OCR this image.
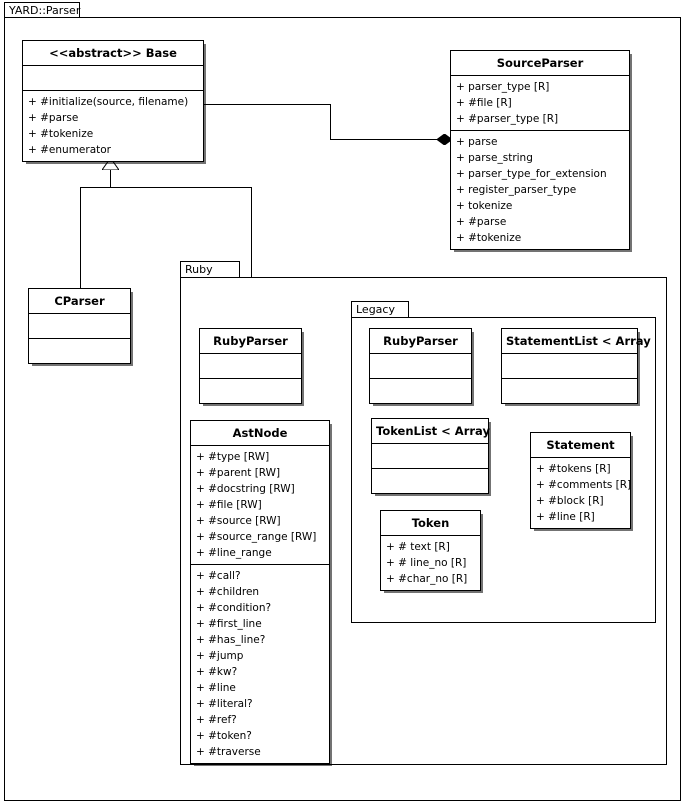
YARD::Parser
Ruby
Legacy
<<abstract>> Base
+ #initialize(source, filename)
+ #parse
+ #tokenize
+ #enumerator
SourceParser
+ parser_type [R]
+ #file [R]
+ #parser_type [R]
+ parse
+ parse_string
+ parser_type_for_extension
+ register_parser_type
+ tokenize
+ #parse
+ #tokenize
CParser
RubyParser	RubyParser	StatementList < Array
AstNode
+ #type [RW]
+ #parent [RW]
+ #docstring [RW]
+ #file [RW]
+ #source [RW]
+ #source_range [RW]
+ #line_range
+ #call?
+ #children
+ #condition?
+ #first_line
+ #has_line?
+ #jump
+ #kw?
+ #line
+ #literal?
+ #ref?
+ #token?
+ #traverse
TokenList < Array
Statement
+ #tokens [R]
+ #comments [R]
+ #block [R]
+ #line [R]
Token
+ # text [R]
+ # line_no [R]
+ #char_no [R]
